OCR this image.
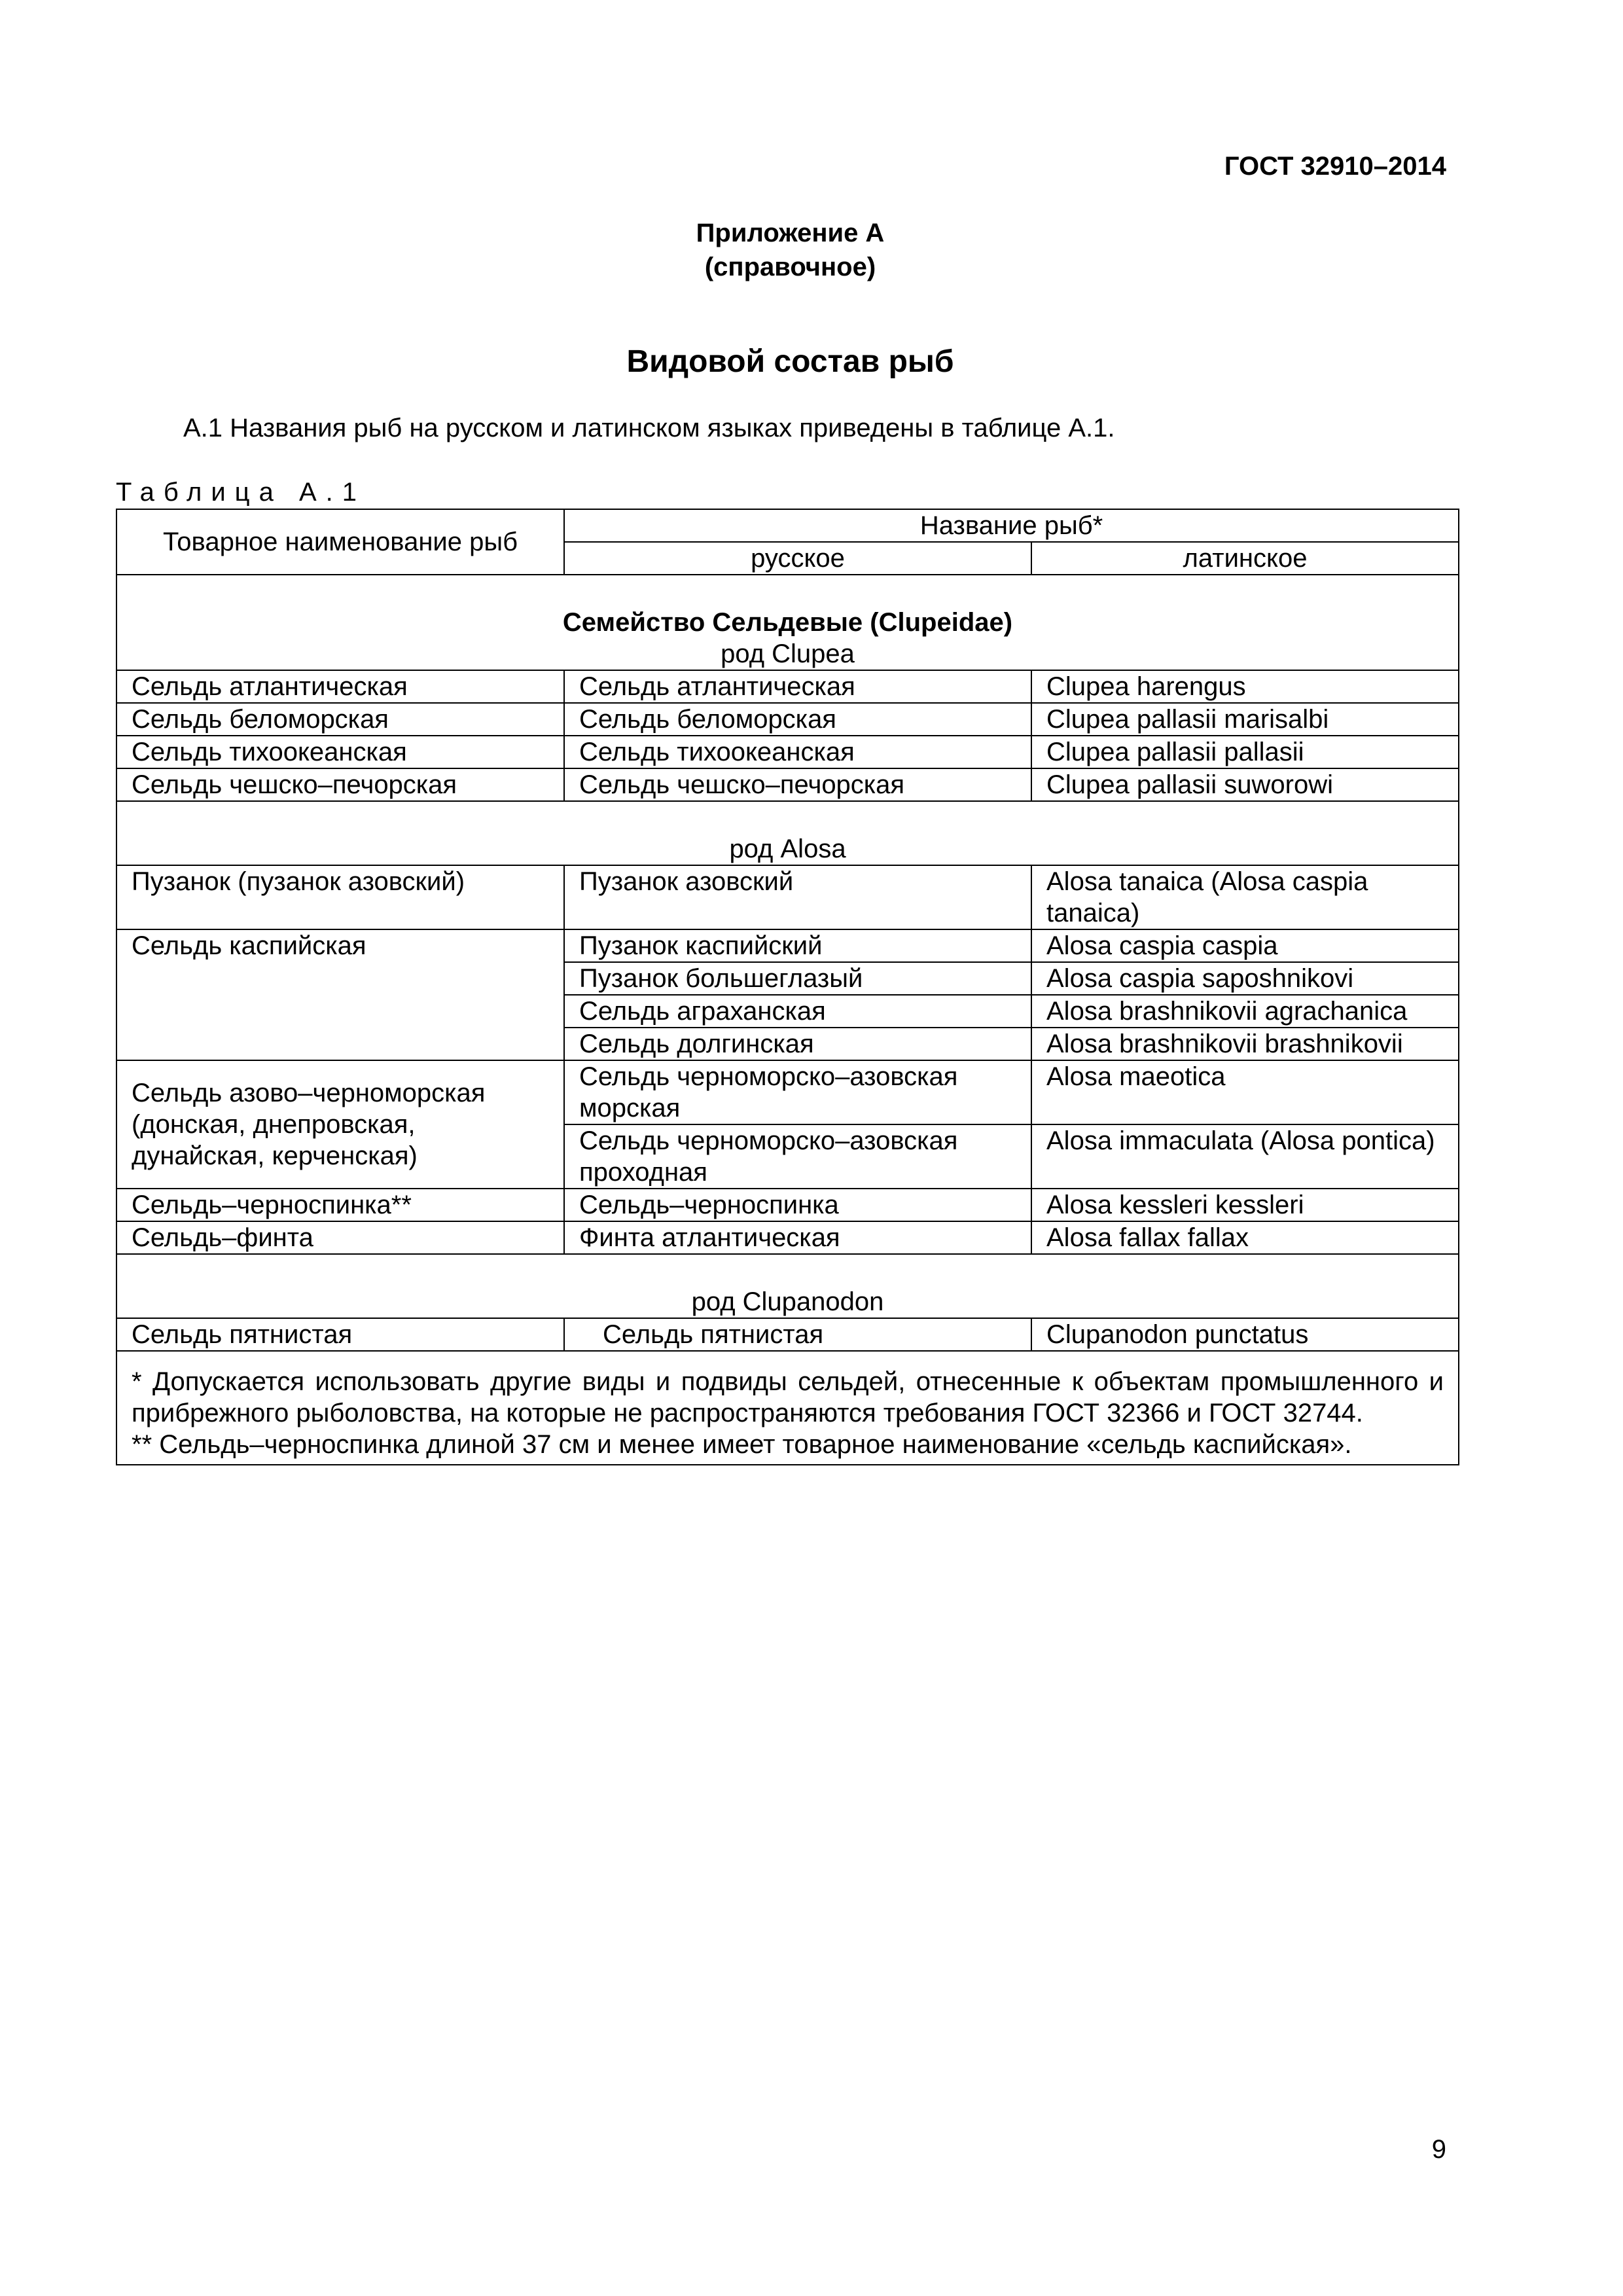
ГОСТ 32910–2014
Приложение А
(справочное)
Видовой состав рыб
А.1 Названия рыб на русском и латинском языках приведены в таблице А.1.
Таблица А.1
Товарное наименование рыб	Название рыб*	
	русское	латинское

Семейство Сельдевые (Clupeidae)
род Clupea		
Сельдь атлантическая	Сельдь атлантическая	Clupea harengus
Сельдь беломорская	Сельдь беломорская	Clupea pallasii marisalbi
Сельдь тихоокеанская	Сельдь тихоокеанская	Clupea pallasii pallasii
Сельдь чешско–печорская	Сельдь чешско–печорская	Clupea pallasii suworowi
род Alosa		
Пузанок (пузанок азовский)	Пузанок азовский	Alosa tanaica (Alosa caspia tanaica)
Сельдь каспийская	Пузанок каспийский	Alosa caspia caspia
	Пузанок большеглазый	Alosa caspia saposhnikovi
	Сельдь аграханская	Alosa brashnikovii agrachanica
	Сельдь долгинская	Alosa brashnikovii brashnikovii
Сельдь азово–черноморская (донская, днепровская, дунайская, керченская)	Сельдь черноморско–азовская морская	Alosa maeotica
	Сельдь черноморско–азовская проходная	Alosa immaculata (Alosa pontica)
Сельдь–черноспинка**	Сельдь–черноспинка	Alosa kessleri kessleri
Сельдь–финта	Финта атлантическая	Alosa fallax fallax
род Clupanodon		
Сельдь пятнистая	Сельдь пятнистая	Clupanodon punctatus

* Допускается использовать другие виды и подвиды сельдей, отнесенные к объектам промышленного и прибрежного рыболовства, на которые не распространяются требования ГОСТ 32366 и ГОСТ 32744.

** Сельдь–черноспинка длиной 37 см и менее имеет товарное наименование «сельдь каспийская».		

9
